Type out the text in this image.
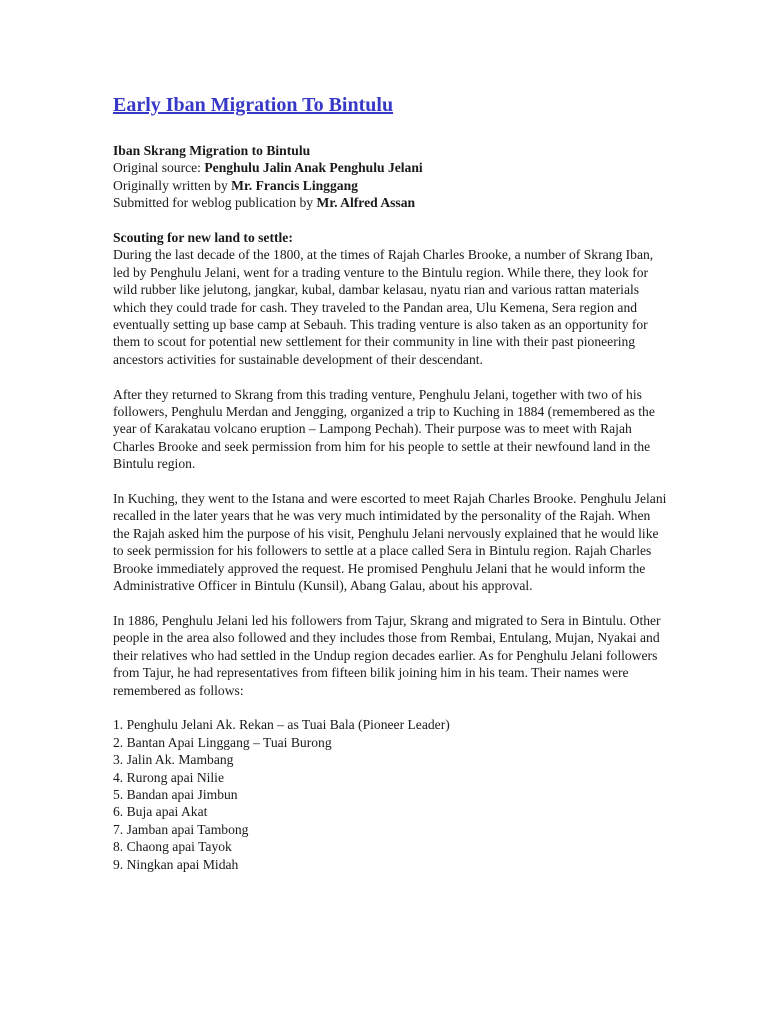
Early Iban Migration To Bintulu

Iban Skrang Migration to Bintulu

Original source: Penghulu Jalin Anak Penghulu Jelani

Originally written by Mr. Francis Linggang

Submitted for weblog publication by Mr. Alfred Assan

Scouting for new land to settle:

During the last decade of the 1800, at the times of Rajah Charles Brooke, a number of Skrang Iban, led by Penghulu Jelani, went for a trading venture to the Bintulu region. While there, they look for wild rubber like jelutong, jangkar, kubal, dambar kelasau, nyatu rian and various rattan materials which they could trade for cash. They traveled to the Pandan area, Ulu Kemena, Sera region and eventually setting up base camp at Sebauh. This trading venture is also taken as an opportunity for them to scout for potential new settlement for their community in line with their past pioneering ancestors activities for sustainable development of their descendant.

After they returned to Skrang from this trading venture, Penghulu Jelani, together with two of his followers, Penghulu Merdan and Jengging, organized a trip to Kuching in 1884 (remembered as the year of Karakatau volcano eruption – Lampong Pechah). Their purpose was to meet with Rajah Charles Brooke and seek permission from him for his people to settle at their newfound land in the Bintulu region.

In Kuching, they went to the Istana and were escorted to meet Rajah Charles Brooke. Penghulu Jelani recalled in the later years that he was very much intimidated by the personality of the Rajah. When the Rajah asked him the purpose of his visit, Penghulu Jelani nervously explained that he would like to seek permission for his followers to settle at a place called Sera in Bintulu region. Rajah Charles Brooke immediately approved the request. He promised Penghulu Jelani that he would inform the Administrative Officer in Bintulu (Kunsil), Abang Galau, about his approval.

In 1886, Penghulu Jelani led his followers from Tajur, Skrang and migrated to Sera in Bintulu. Other people in the area also followed and they includes those from Rembai, Entulang, Mujan, Nyakai and their relatives who had settled in the Undup region decades earlier. As for Penghulu Jelani followers from Tajur, he had representatives from fifteen bilik joining him in his team. Their names were remembered as follows:

1. Penghulu Jelani Ak. Rekan – as Tuai Bala (Pioneer Leader)
2. Bantan Apai Linggang – Tuai Burong
3. Jalin Ak. Mambang
4. Rurong apai Nilie
5. Bandan apai Jimbun
6. Buja apai Akat
7. Jamban apai Tambong
8. Chaong apai Tayok
9. Ningkan apai Midah
